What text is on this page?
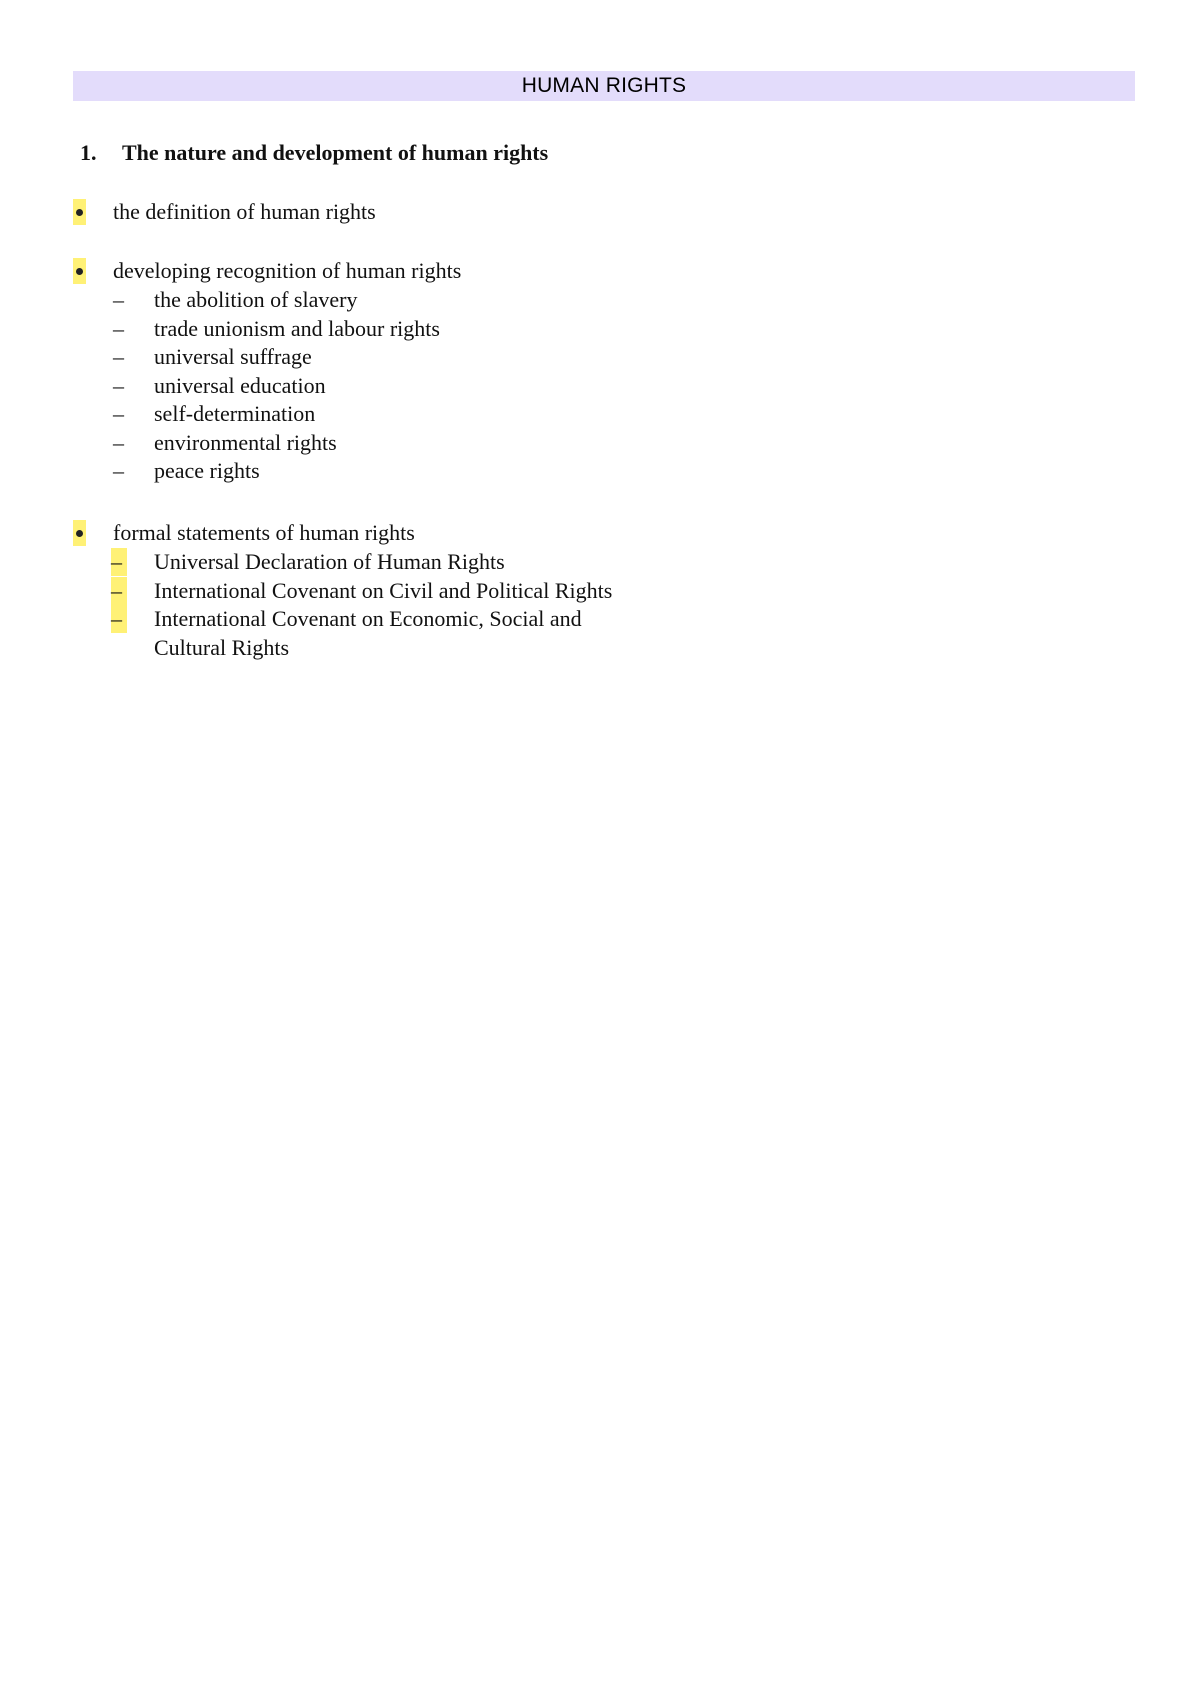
HUMAN RIGHTS
1. The nature and development of human rights
the definition of human rights
developing recognition of human rights
– the abolition of slavery
– trade unionism and labour rights
– universal suffrage
– universal education
– self-determination
– environmental rights
– peace rights
formal statements of human rights
– Universal Declaration of Human Rights
– International Covenant on Civil and Political Rights
– International Covenant on Economic, Social and Cultural Rights
